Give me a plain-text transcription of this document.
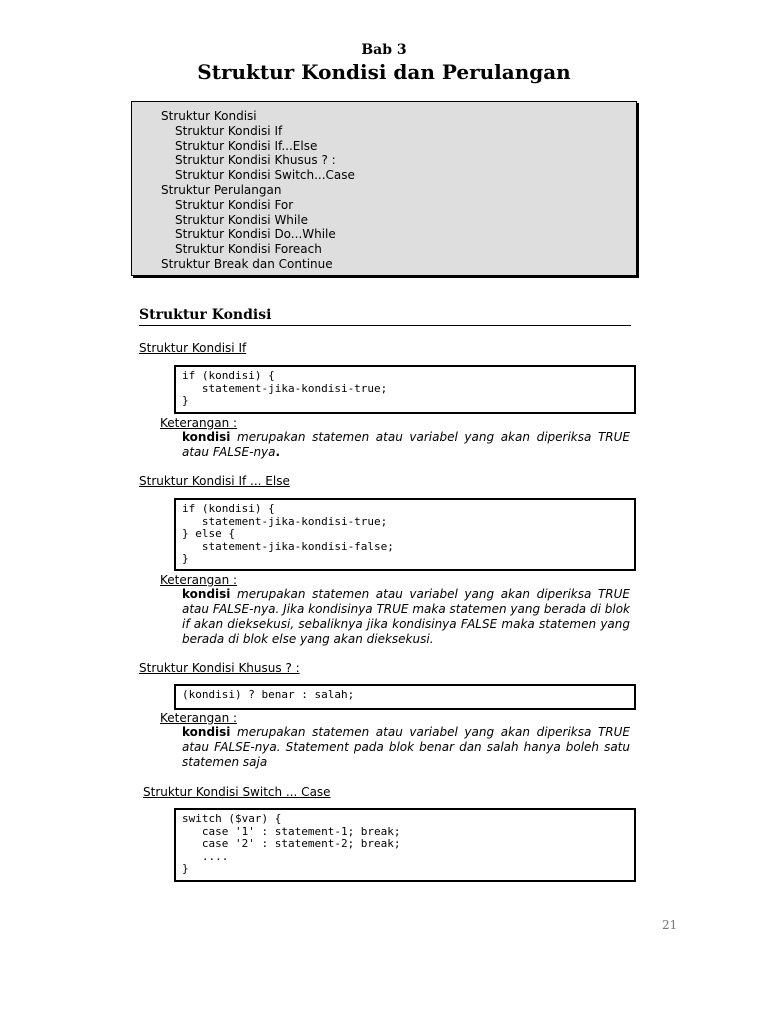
Bab 3
Struktur Kondisi dan Perulangan
Struktur Kondisi
Struktur Kondisi If
Struktur Kondisi If...Else
Struktur Kondisi Khusus ? :
Struktur Kondisi Switch...Case
Struktur Perulangan
Struktur Kondisi For
Struktur Kondisi While
Struktur Kondisi Do...While
Struktur Kondisi Foreach
Struktur Break dan Continue
Struktur Kondisi
Struktur Kondisi If
if (kondisi) {
statement-jika-kondisi-true;
}
Keterangan :
kondisi merupakan statemen atau variabel yang akan diperiksa TRUE atau FALSE-nya.
Struktur Kondisi If ... Else
if (kondisi) {
statement-jika-kondisi-true;
} else {
statement-jika-kondisi-false;
}
Keterangan :
kondisi merupakan statemen atau variabel yang akan diperiksa TRUE atau FALSE-nya. Jika kondisinya TRUE maka statemen yang berada di blok if akan dieksekusi, sebaliknya jika kondisinya FALSE maka statemen yang berada di blok else yang akan dieksekusi.
Struktur Kondisi Khusus ? :
(kondisi) ? benar : salah;
Keterangan :
kondisi merupakan statemen atau variabel yang akan diperiksa TRUE atau FALSE-nya. Statement pada blok benar dan salah hanya boleh satu statemen saja
Struktur Kondisi Switch ... Case
switch ($var) {
case '1' : statement-1; break;
case '2' : statement-2; break;
....
}
21
